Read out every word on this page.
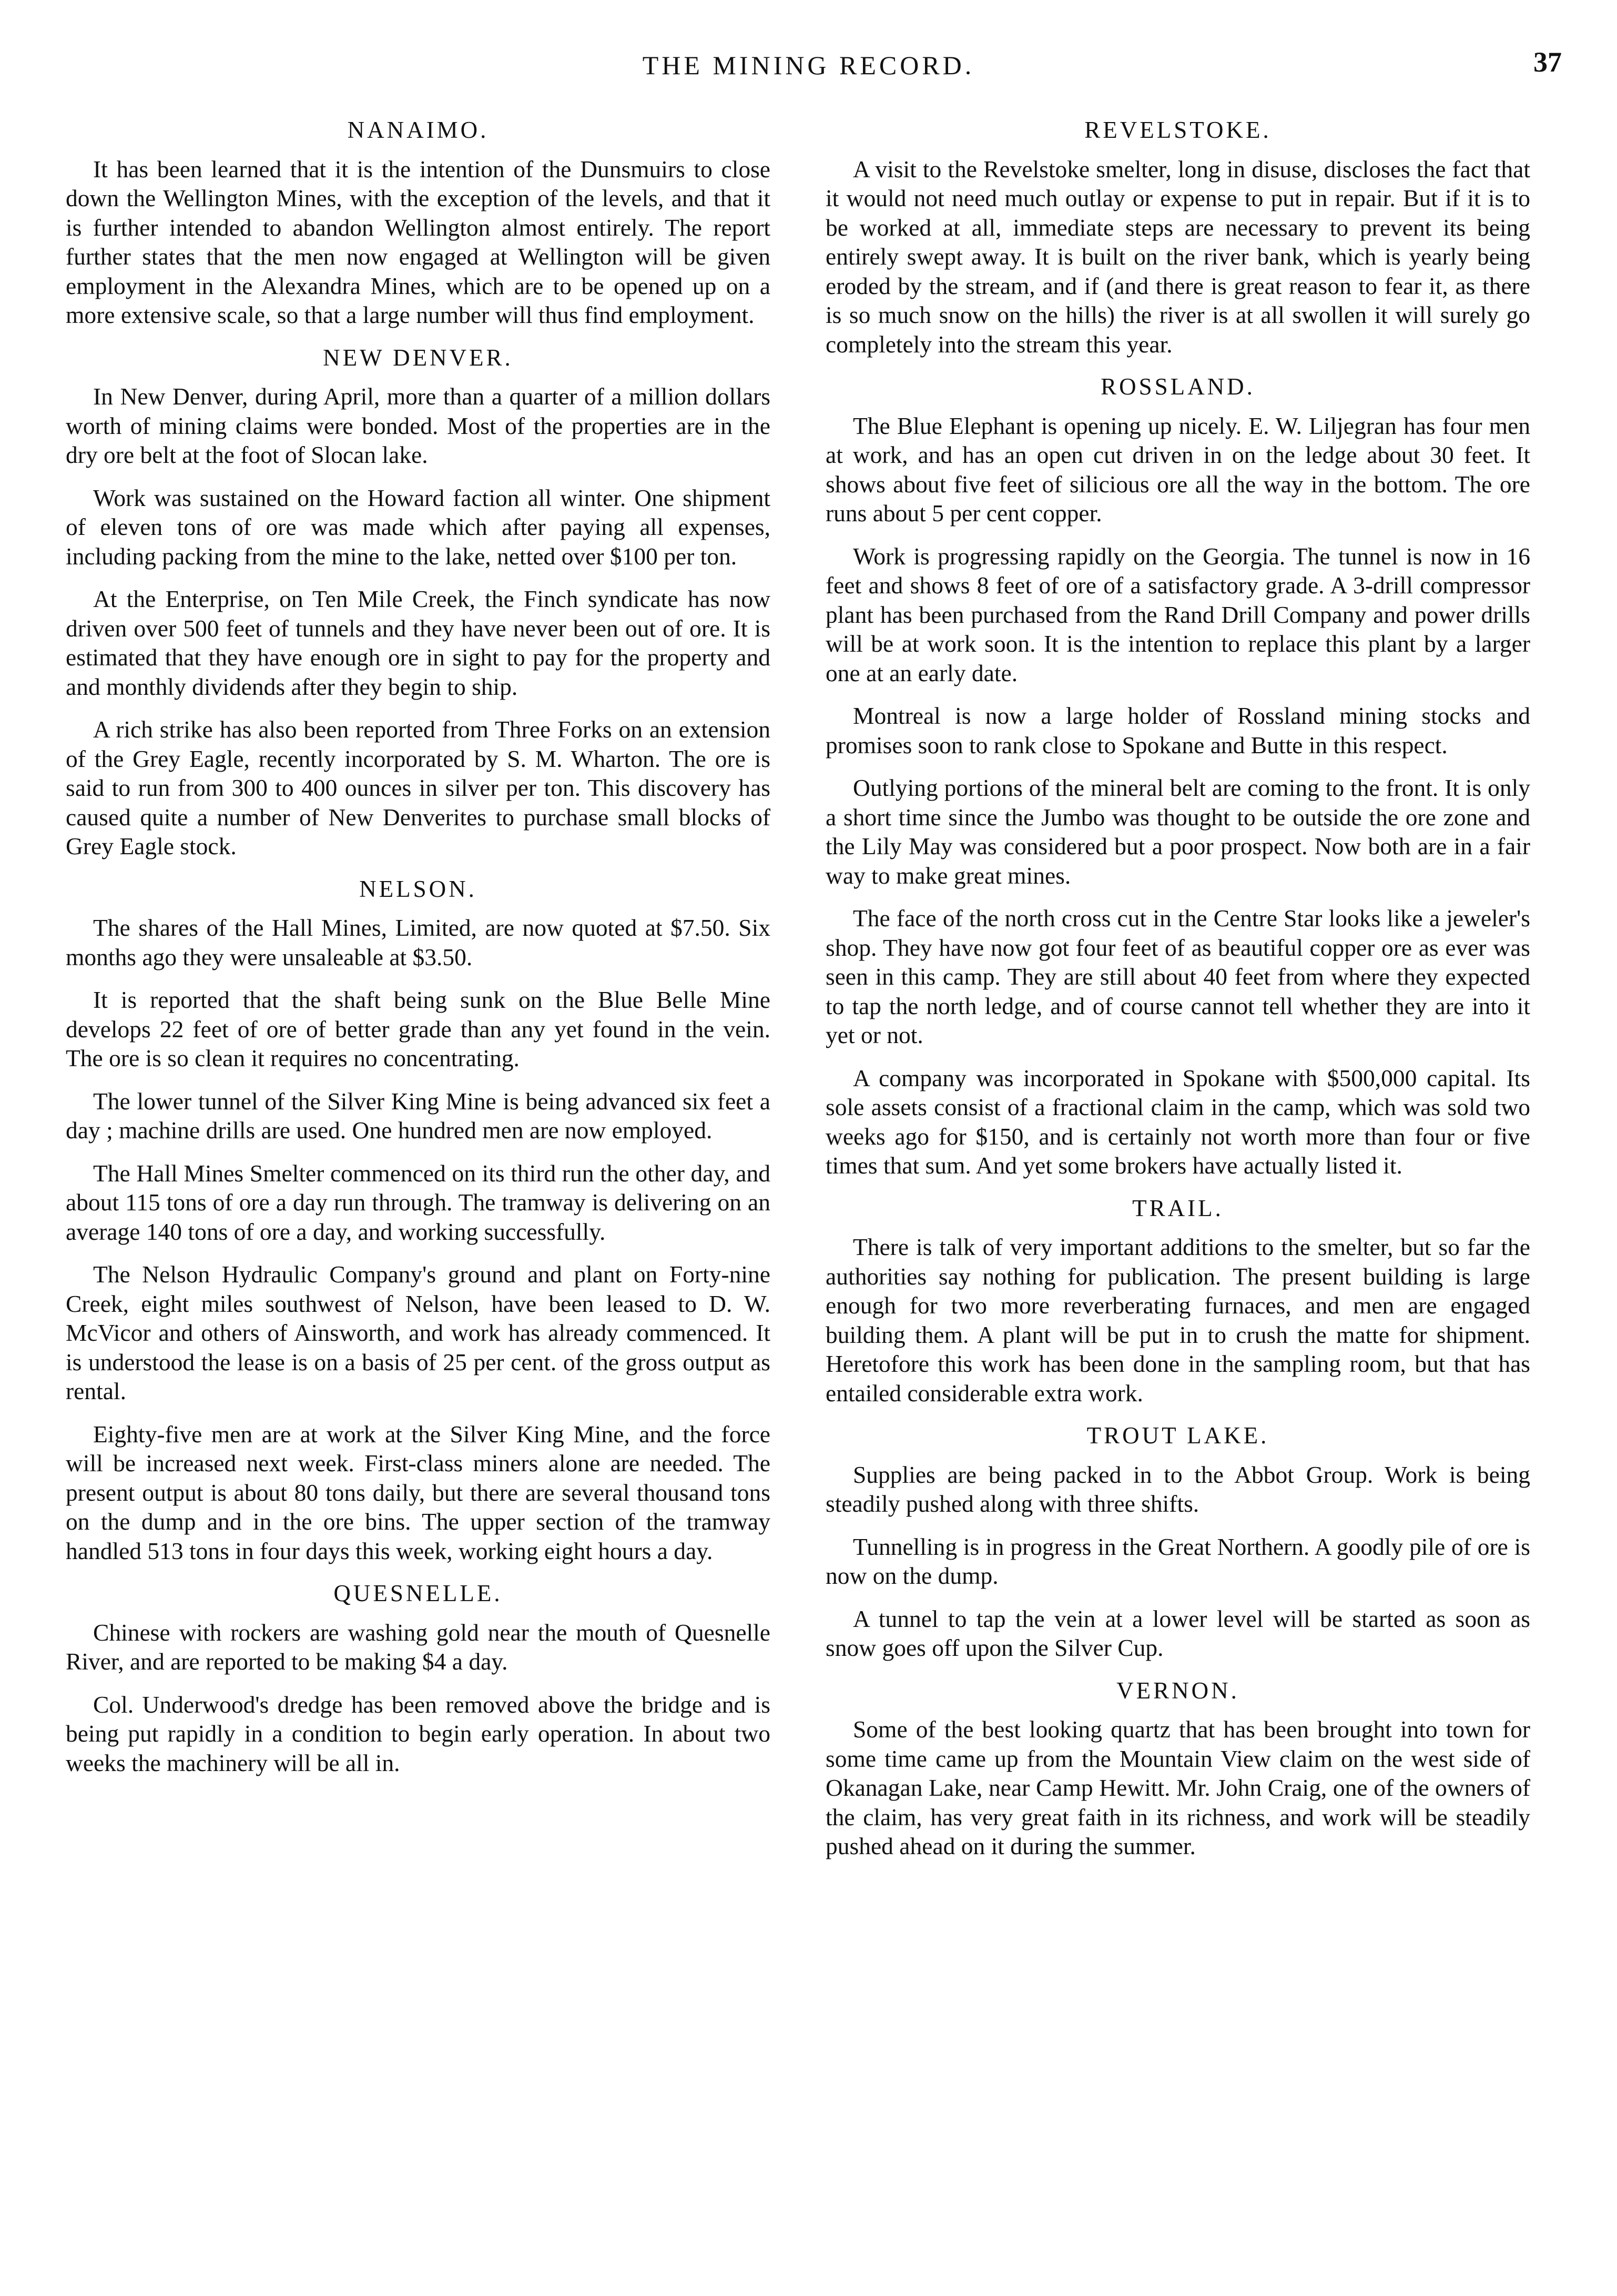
THE MINING RECORD.	37
NANAIMO.

It has been learned that it is the intention of the Dunsmuirs to close down the Wellington Mines, with the exception of the levels, and that it is further intended to abandon Wellington almost entirely. The report further states that the men now engaged at Wellington will be given employment in the Alexandra Mines, which are to be opened up on a more extensive scale, so that a large number will thus find employment.

NEW DENVER.

In New Denver, during April, more than a quarter of a million dollars worth of mining claims were bonded. Most of the properties are in the dry ore belt at the foot of Slocan lake.

Work was sustained on the Howard faction all winter. One shipment of eleven tons of ore was made which after paying all expenses, including packing from the mine to the lake, netted over $100 per ton.

At the Enterprise, on Ten Mile Creek, the Finch syndicate has now driven over 500 feet of tunnels and they have never been out of ore. It is estimated that they have enough ore in sight to pay for the property and and monthly dividends after they begin to ship.

A rich strike has also been reported from Three Forks on an extension of the Grey Eagle, recently incorporated by S. M. Wharton. The ore is said to run from 300 to 400 ounces in silver per ton. This discovery has caused quite a number of New Denverites to purchase small blocks of Grey Eagle stock.

NELSON.

The shares of the Hall Mines, Limited, are now quoted at $7.50. Six months ago they were unsaleable at $3.50.

It is reported that the shaft being sunk on the Blue Belle Mine develops 22 feet of ore of better grade than any yet found in the vein. The ore is so clean it requires no concentrating.

The lower tunnel of the Silver King Mine is being advanced six feet a day ; machine drills are used. One hundred men are now employed.

The Hall Mines Smelter commenced on its third run the other day, and about 115 tons of ore a day run through. The tramway is delivering on an average 140 tons of ore a day, and working successfully.

The Nelson Hydraulic Company's ground and plant on Forty-nine Creek, eight miles southwest of Nelson, have been leased to D. W. McVicor and others of Ainsworth, and work has already commenced. It is understood the lease is on a basis of 25 per cent. of the gross output as rental.

Eighty-five men are at work at the Silver King Mine, and the force will be increased next week. First-class miners alone are needed. The present output is about 80 tons daily, but there are several thousand tons on the dump and in the ore bins. The upper section of the tramway handled 513 tons in four days this week, working eight hours a day.

QUESNELLE.

Chinese with rockers are washing gold near the mouth of Quesnelle River, and are reported to be making $4 a day.

Col. Underwood's dredge has been removed above the bridge and is being put rapidly in a condition to begin early operation. In about two weeks the machinery will be all in.

REVELSTOKE.

A visit to the Revelstoke smelter, long in disuse, discloses the fact that it would not need much outlay or expense to put in repair. But if it is to be worked at all, immediate steps are necessary to prevent its being entirely swept away. It is built on the river bank, which is yearly being eroded by the stream, and if (and there is great reason to fear it, as there is so much snow on the hills) the river is at all swollen it will surely go completely into the stream this year.

ROSSLAND.

The Blue Elephant is opening up nicely. E. W. Liljegran has four men at work, and has an open cut driven in on the ledge about 30 feet. It shows about five feet of silicious ore all the way in the bottom. The ore runs about 5 per cent copper.

Work is progressing rapidly on the Georgia. The tunnel is now in 16 feet and shows 8 feet of ore of a satisfactory grade. A 3-drill compressor plant has been purchased from the Rand Drill Company and power drills will be at work soon. It is the intention to replace this plant by a larger one at an early date.

Montreal is now a large holder of Rossland mining stocks and promises soon to rank close to Spokane and Butte in this respect.

Outlying portions of the mineral belt are coming to the front. It is only a short time since the Jumbo was thought to be outside the ore zone and the Lily May was considered but a poor prospect. Now both are in a fair way to make great mines.

The face of the north cross cut in the Centre Star looks like a jeweler's shop. They have now got four feet of as beautiful copper ore as ever was seen in this camp. They are still about 40 feet from where they expected to tap the north ledge, and of course cannot tell whether they are into it yet or not.

A company was incorporated in Spokane with $500,000 capital. Its sole assets consist of a fractional claim in the camp, which was sold two weeks ago for $150, and is certainly not worth more than four or five times that sum. And yet some brokers have actually listed it.

TRAIL.

There is talk of very important additions to the smelter, but so far the authorities say nothing for publication. The present building is large enough for two more reverberating furnaces, and men are engaged building them. A plant will be put in to crush the matte for shipment. Heretofore this work has been done in the sampling room, but that has entailed considerable extra work.

TROUT LAKE.

Supplies are being packed in to the Abbot Group. Work is being steadily pushed along with three shifts.

Tunnelling is in progress in the Great Northern. A goodly pile of ore is now on the dump.

A tunnel to tap the vein at a lower level will be started as soon as snow goes off upon the Silver Cup.

VERNON.

Some of the best looking quartz that has been brought into town for some time came up from the Mountain View claim on the west side of Okanagan Lake, near Camp Hewitt. Mr. John Craig, one of the owners of the claim, has very great faith in its richness, and work will be steadily pushed ahead on it during the summer.
